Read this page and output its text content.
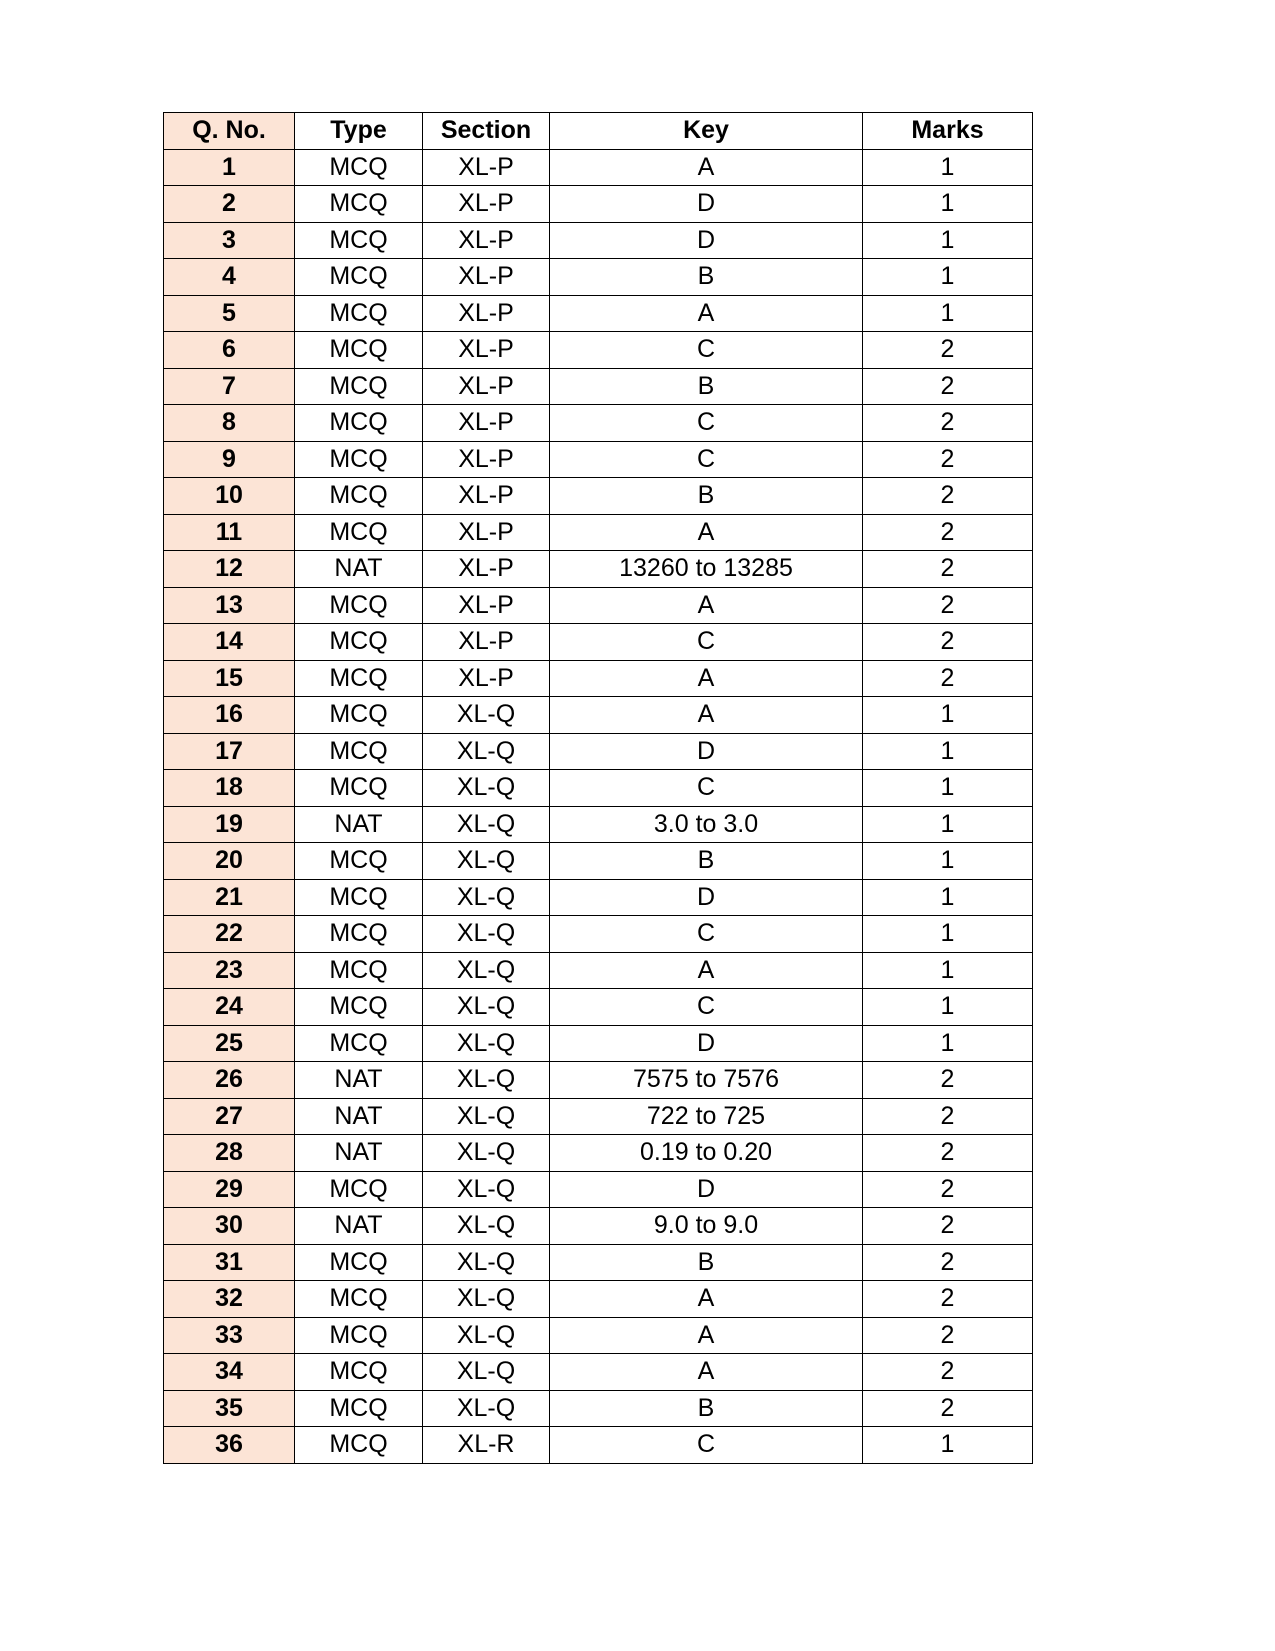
Q. No.	Type	Section	Key	Marks
1	MCQ	XL-P	A	1
2	MCQ	XL-P	D	1
3	MCQ	XL-P	D	1
4	MCQ	XL-P	B	1
5	MCQ	XL-P	A	1
6	MCQ	XL-P	C	2
7	MCQ	XL-P	B	2
8	MCQ	XL-P	C	2
9	MCQ	XL-P	C	2
10	MCQ	XL-P	B	2
11	MCQ	XL-P	A	2
12	NAT	XL-P	13260 to 13285	2
13	MCQ	XL-P	A	2
14	MCQ	XL-P	C	2
15	MCQ	XL-P	A	2
16	MCQ	XL-Q	A	1
17	MCQ	XL-Q	D	1
18	MCQ	XL-Q	C	1
19	NAT	XL-Q	3.0 to 3.0	1
20	MCQ	XL-Q	B	1
21	MCQ	XL-Q	D	1
22	MCQ	XL-Q	C	1
23	MCQ	XL-Q	A	1
24	MCQ	XL-Q	C	1
25	MCQ	XL-Q	D	1
26	NAT	XL-Q	7575 to 7576	2
27	NAT	XL-Q	722 to 725	2
28	NAT	XL-Q	0.19 to 0.20	2
29	MCQ	XL-Q	D	2
30	NAT	XL-Q	9.0 to 9.0	2
31	MCQ	XL-Q	B	2
32	MCQ	XL-Q	A	2
33	MCQ	XL-Q	A	2
34	MCQ	XL-Q	A	2
35	MCQ	XL-Q	B	2
36	MCQ	XL-R	C	1
